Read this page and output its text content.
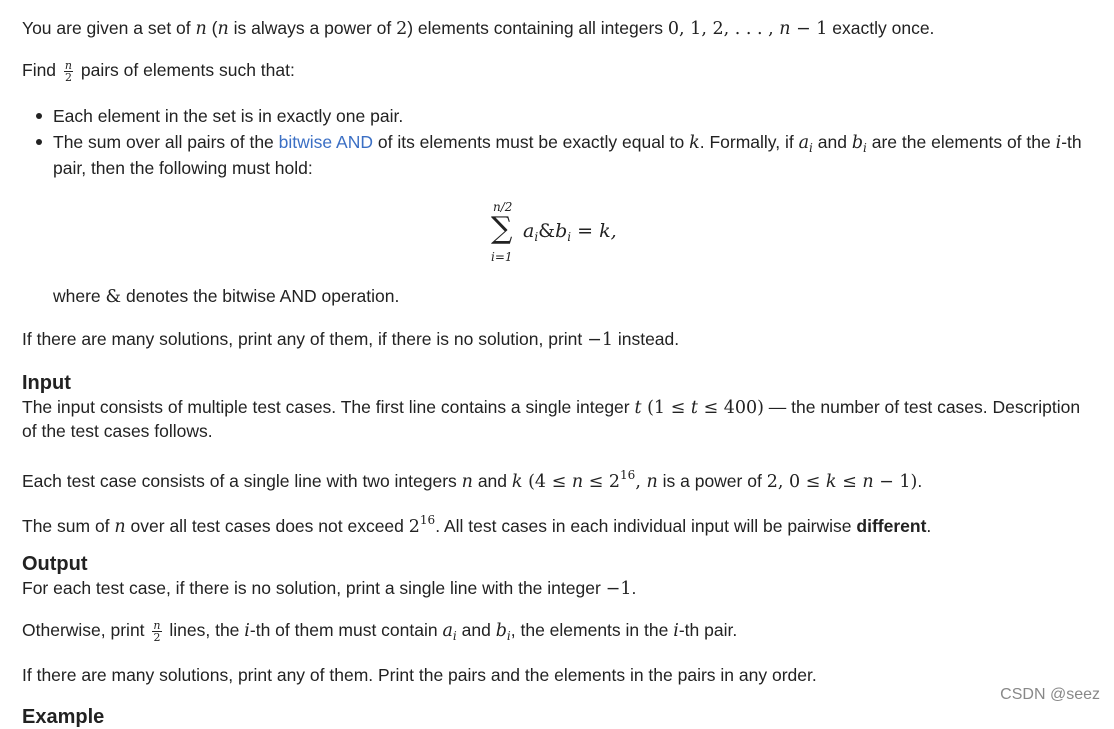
You are given a set of n (n is always a power of 2) elements containing all integers 0, 1, 2, . . . , n − 1 exactly once.
Find $\frac{n}{2}$ pairs of elements such that:
Each element in the set is in exactly one pair.
The sum over all pairs of the bitwise AND of its elements must be exactly equal to k. Formally, if $a_i$ and $b_i$ are the elements of the i-th
pair, then the following must hold:
n/2
∑
i=1
$a_i\&b_i = k$,
where & denotes the bitwise AND operation.
If there are many solutions, print any of them, if there is no solution, print −1 instead.
Input
The input consists of multiple test cases. The first line contains a single integer t (1 ≤ t ≤ 400) — the number of test cases. Description
of the test cases follows.
Each test case consists of a single line with two integers n and k ($4 \le n \le 2^{16}$, n is a power of 2, 0 ≤ k ≤ n − 1).
The sum of n over all test cases does not exceed $2^{16}$. All test cases in each individual input will be pairwise different.
Output
For each test case, if there is no solution, print a single line with the integer −1.
Otherwise, print $\frac{n}{2}$ lines, the i-th of them must contain $a_i$ and $b_i$, the elements in the i-th pair.
If there are many solutions, print any of them. Print the pairs and the elements in the pairs in any order.
Example
CSDN @seez
